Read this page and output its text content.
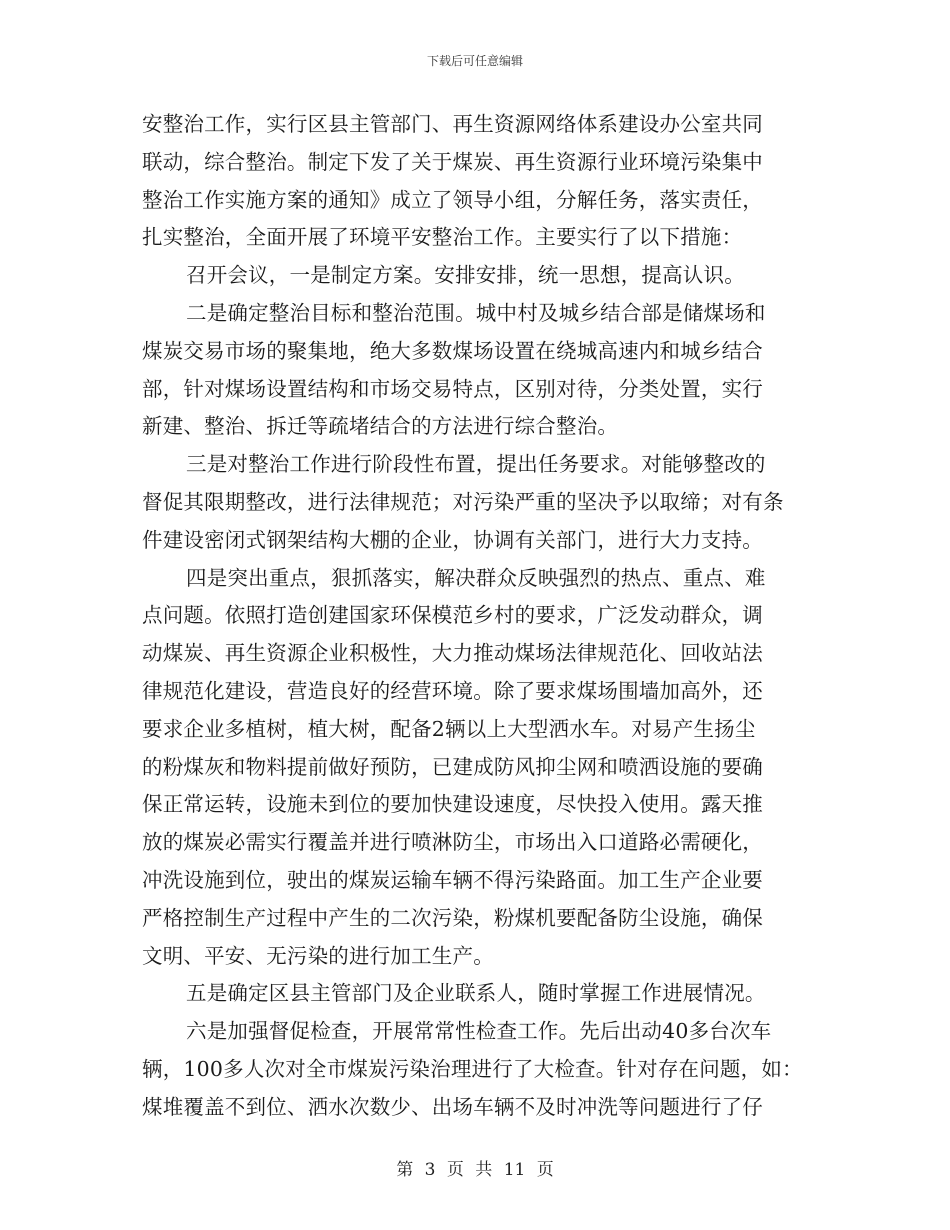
下载后可任意编辑
安整治工作，实行区县主管部门、再生资源网络体系建设办公室共同
联动，综合整治。制定下发了关于煤炭、再生资源行业环境污染集中
整治工作实施方案的通知》成立了领导小组，分解任务，落实责任，
扎实整治，全面开展了环境平安整治工作。主要实行了以下措施：
召开会议，一是制定方案。安排安排，统一思想，提高认识。
二是确定整治目标和整治范围。城中村及城乡结合部是储煤场和
煤炭交易市场的聚集地，绝大多数煤场设置在绕城高速内和城乡结合
部，针对煤场设置结构和市场交易特点，区别对待，分类处置，实行
新建、整治、拆迁等疏堵结合的方法进行综合整治。
三是对整治工作进行阶段性布置，提出任务要求。对能够整改的
督促其限期整改，进行法律规范；对污染严重的坚决予以取缔；对有条
件建设密闭式钢架结构大棚的企业，协调有关部门，进行大力支持。
四是突出重点，狠抓落实，解决群众反映强烈的热点、重点、难
点问题。依照打造创建国家环保模范乡村的要求，广泛发动群众，调
动煤炭、再生资源企业积极性，大力推动煤场法律规范化、回收站法
律规范化建设，营造良好的经营环境。除了要求煤场围墙加高外，还
要求企业多植树，植大树，配备2辆以上大型洒水车。对易产生扬尘
的粉煤灰和物料提前做好预防，已建成防风抑尘网和喷洒设施的要确
保正常运转，设施未到位的要加快建设速度，尽快投入使用。露天推
放的煤炭必需实行覆盖并进行喷淋防尘，市场出入口道路必需硬化，
冲洗设施到位，驶出的煤炭运输车辆不得污染路面。加工生产企业要
严格控制生产过程中产生的二次污染，粉煤机要配备防尘设施，确保
文明、平安、无污染的进行加工生产。
五是确定区县主管部门及企业联系人，随时掌握工作进展情况。
六是加强督促检查，开展常常性检查工作。先后出动40多台次车
辆，100多人次对全市煤炭污染治理进行了大检查。针对存在问题，如：
煤堆覆盖不到位、洒水次数少、出场车辆不及时冲洗等问题进行了仔
第 3 页 共 11 页
